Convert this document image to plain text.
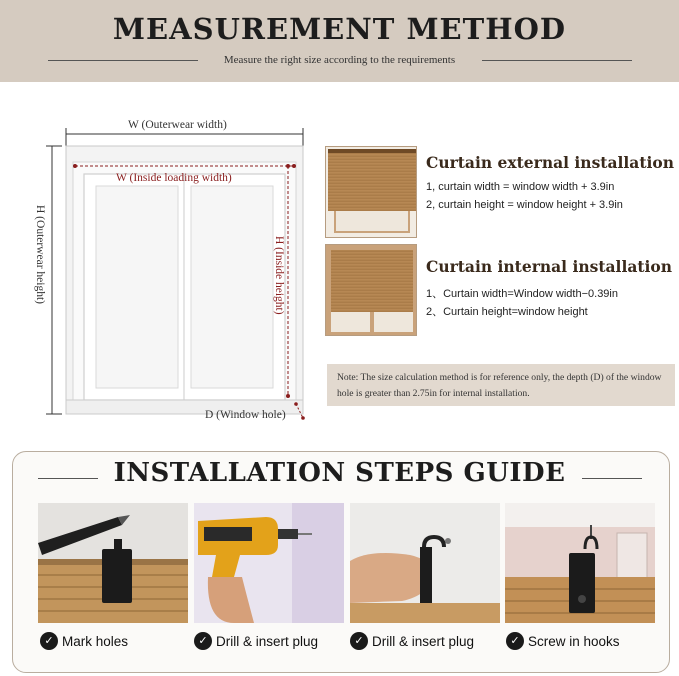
MEASUREMENT METHOD
Measure the right size according to the requirements
W (Outerwear width)
W (Inside loading width)
H (Outerwear height)	H (Inside height)
D (Window hole)
Curtain external installation
1, curtain width = window width + 3.9in
2, curtain height = window height + 3.9in
Curtain internal installation
1、Curtain width=Window width−0.39in
2、Curtain height=window height
Note: The size calculation method is for reference only, the depth (D) of the window hole is greater than 2.75in for internal installation.
INSTALLATION STEPS GUIDE
✓ Mark holes	✓ Drill & insert plug	✓ Drill & insert plug	✓ Screw in hooks
